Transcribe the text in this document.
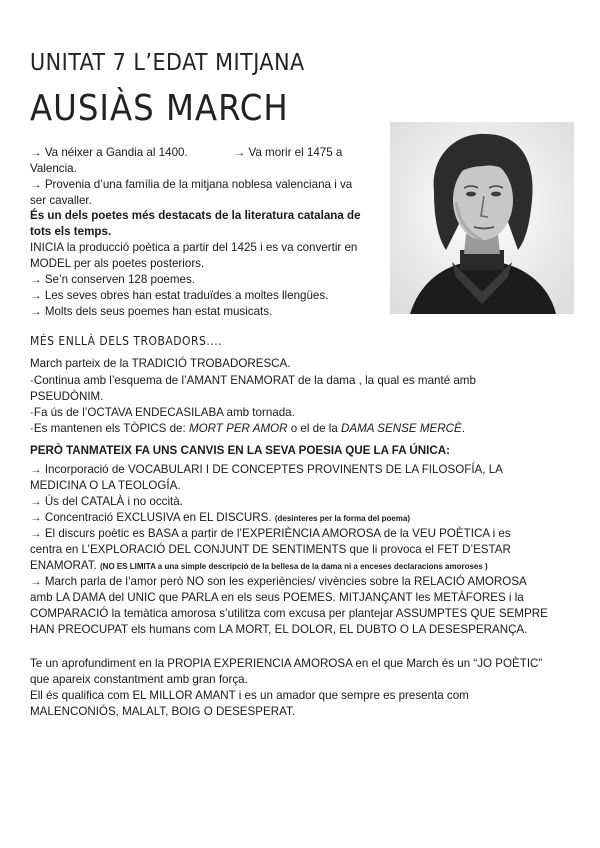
UNITAT 7 L’EDAT MITJANA
AUSIÀS MARCH
→ Va néixer a Gandia al 1400.	→ Va morir el 1475 a
Valencia.
→ Provenia d’una família de la mitjana noblesa valenciana i va
ser cavaller.
És un dels poetes més destacats de la literatura catalana de
tots els temps.
INICIA la producció poètica a partir del 1425 i es va convertir en
MODEL per als poetes posteriors.
→ Se’n conserven 128 poemes.
→ Les seves obres han estat traduïdes a moltes llengües.
→ Molts dels seus poemes han estat musicats.
MÉS ENLLÀ DELS TROBADORS....
March parteix de la TRADICIÓ TROBADORESCA.
·Continua amb l’esquema de l’AMANT ENAMORAT de la dama , la qual es manté amb
PSEUDÒNIM.
·Fa ús de l’OCTAVA ENDECASILABA amb tornada.
·Es mantenen els TÒPICS de: MORT PER AMOR o el de la DAMA SENSE MERCÈ.
PERÒ TANMATEIX FA UNS CANVIS EN LA SEVA POESIA QUE LA FA ÚNICA:
→ Incorporació de VOCABULARI I DE CONCEPTES PROVINENTS DE LA FILOSOFÍA, LA
MEDICINA O LA TEOLOGÍA.
→ Ús del CATALÀ i no occità.
→ Concentració EXCLUSIVA en EL DISCURS. (desinteres per la forma del poema)
→ El discurs poètic es BASA a partir de l’EXPERIÈNCIA AMOROSA de la VEU POÈTICA i es
centra en L’EXPLORACIÓ DEL CONJUNT DE SENTIMENTS que li provoca el FET D’ESTAR
ENAMORAT. (NO ES LIMITA a una simple descripció de la bellesa de la dama ni a enceses declaracions amoroses )
→ March parla de l’amor però NO son les experiències/ vivències sobre la RELACIÓ AMOROSA
amb LA DAMA del UNIC que PARLA en els seus POEMES. MITJANÇANT les METÀFORES i la
COMPARACIÓ la temàtica amorosa s’utilitza com excusa per plantejar ASSUMPTES QUE SEMPRE
HAN PREOCUPAT els humans com LA MORT, EL DOLOR, EL DUBTO O LA DESESPERANÇA.
Te un aprofundiment en la PROPIA EXPERIENCIA AMOROSA en el que March és un “JO POÈTIC”
que apareix constantment amb gran força.
Ell és qualifica com EL MILLOR AMANT i es un amador que sempre es presenta com
MALENCONIÓS, MALALT, BOIG O DESESPERAT.
